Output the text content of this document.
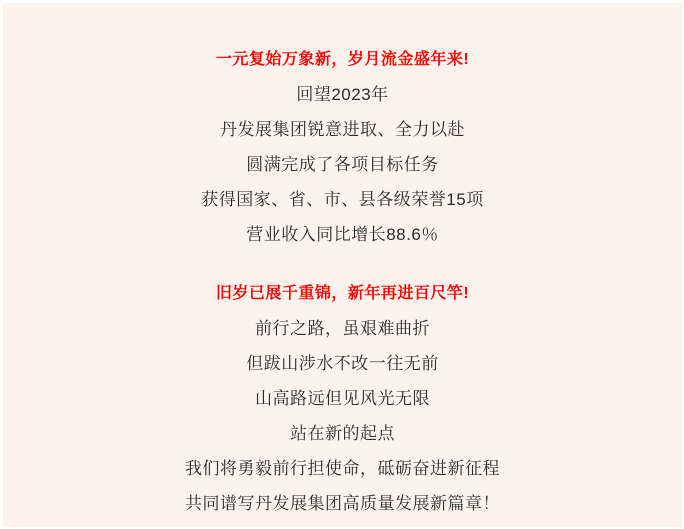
一元复始万象新，岁月流金盛年来!

回望2023年

丹发展集团锐意进取、全力以赴

圆满完成了各项目标任务

获得国家、省、市、县各级荣誉15项

营业收入同比增长88.6％

旧岁已展千重锦，新年再进百尺竿!

前行之路，虽艰难曲折

但跋山涉水不改一往无前

山高路远但见风光无限

站在新的起点

我们将勇毅前行担使命，砥砺奋进新征程

共同谱写丹发展集团高质量发展新篇章！
